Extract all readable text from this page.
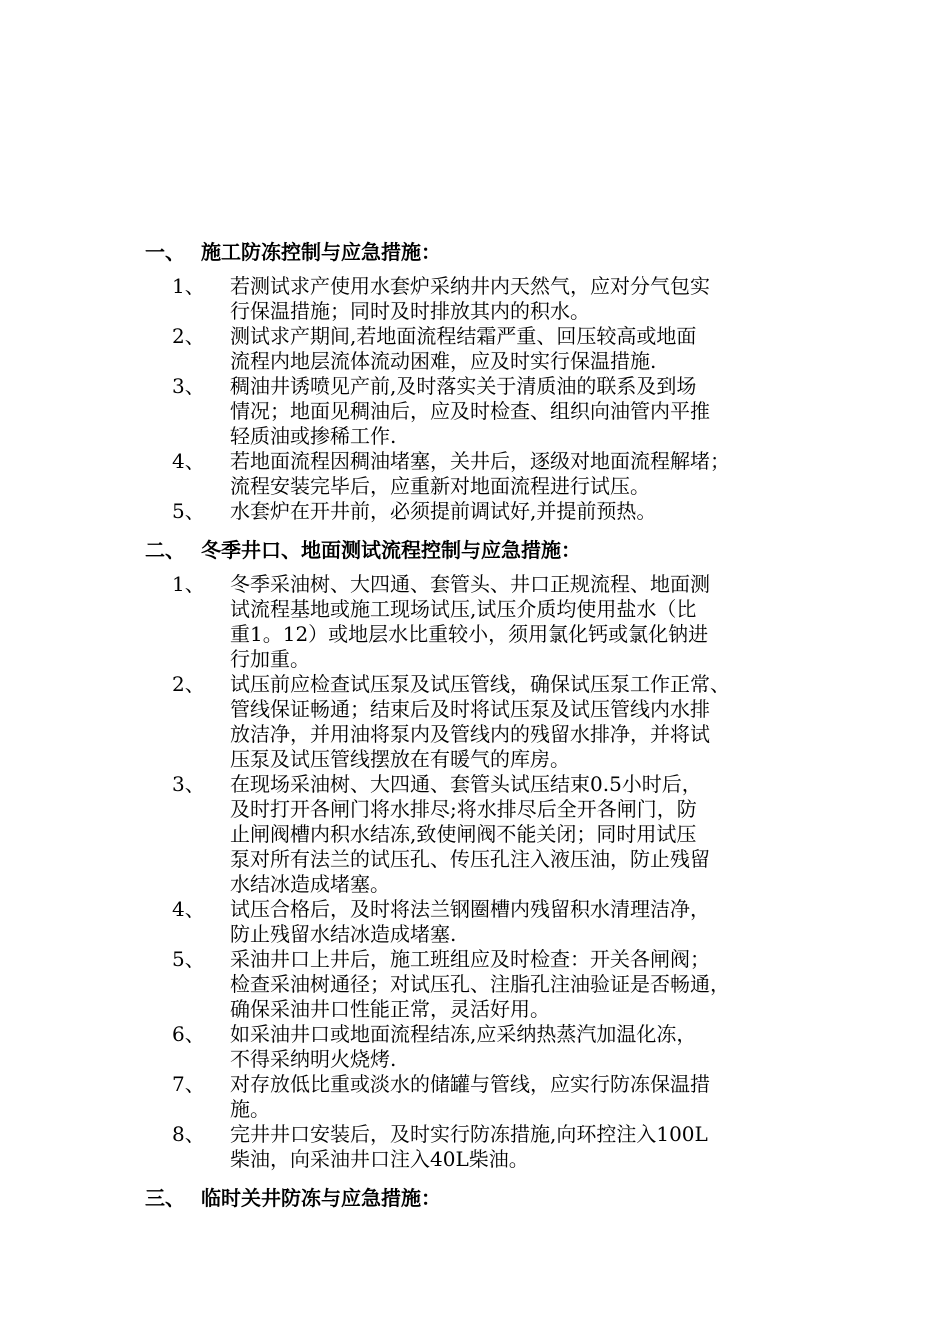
一、 施工防冻控制与应急措施：
1、	若测试求产使用水套炉采纳井内天然气，应对分气包实
行保温措施；同时及时排放其内的积水。
2、	测试求产期间,若地面流程结霜严重、回压较高或地面
流程内地层流体流动困难，应及时实行保温措施.
3、	稠油井诱喷见产前,及时落实关于清质油的联系及到场
情况；地面见稠油后，应及时检查、组织向油管内平推
轻质油或掺稀工作.
4、	若地面流程因稠油堵塞，关井后，逐级对地面流程解堵；
流程安装完毕后，应重新对地面流程进行试压。
5、	水套炉在开井前，必须提前调试好,并提前预热。
二、 冬季井口、地面测试流程控制与应急措施：
1、	冬季采油树、大四通、套管头、井口正规流程、地面测
试流程基地或施工现场试压,试压介质均使用盐水（比
重1。12）或地层水比重较小，须用氯化钙或氯化钠进
行加重。
2、	试压前应检查试压泵及试压管线，确保试压泵工作正常、
管线保证畅通；结束后及时将试压泵及试压管线内水排
放洁净，并用油将泵内及管线内的残留水排净，并将试
压泵及试压管线摆放在有暖气的库房。
3、	在现场采油树、大四通、套管头试压结束0.5小时后，
及时打开各闸门将水排尽;将水排尽后全开各闸门，防
止闸阀槽内积水结冻,致使闸阀不能关闭；同时用试压
泵对所有法兰的试压孔、传压孔注入液压油，防止残留
水结冰造成堵塞。
4、	试压合格后，及时将法兰钢圈槽内残留积水清理洁净，
防止残留水结冰造成堵塞.
5、	采油井口上井后，施工班组应及时检查：开关各闸阀；
检查采油树通径；对试压孔、注脂孔注油验证是否畅通，
确保采油井口性能正常，灵活好用。
6、	如采油井口或地面流程结冻,应采纳热蒸汽加温化冻，
不得采纳明火烧烤.
7、	对存放低比重或淡水的储罐与管线，应实行防冻保温措
施。
8、	完井井口安装后，及时实行防冻措施,向环控注入100L
柴油，向采油井口注入40L柴油。
三、 临时关井防冻与应急措施：
